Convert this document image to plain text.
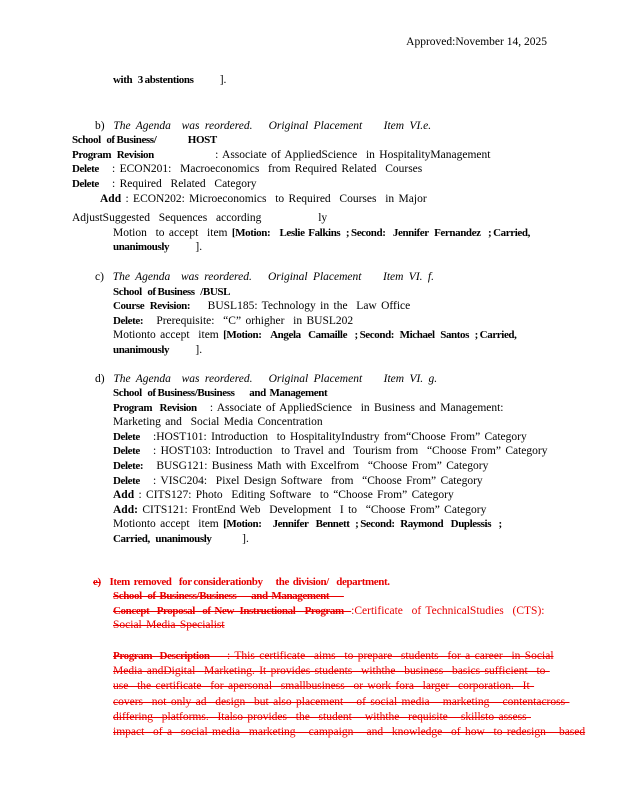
Approved:November 14, 2025
with   3 abstentions      ].
b)  The Agenda  was reordered.   Original Placement    Item VI.e.
School   of Business/                 HOST
Program   Revision              : Associate of AppliedScience  in HospitalityManagement
Delete   : ECON201:  Macroeconomics  from Required Related  Courses
Delete   : Required  Related  Category
Add : ECON202: Microeconomics  to Required  Courses  in Major
AdjustSuggested  Sequences  according             ly
Motion  to accept  item [Motion:     Leslie  Falkins   ; Second:    Jennifer   Fernandez    ; Carried,
unanimously      ].
c)  The Agenda  was reordered.   Original Placement    Item VI. f.
School   of Business   /BUSL
Course   Revision:    BUSL185: Technology in the  Law Office
Delete:   Prerequisite:  “C” orhigher  in BUSL202
Motionto accept  item [Motion:     Angela    Camaille    ; Second:   Michael   Santos   ; Carried,
unanimously      ].
d)  The Agenda  was reordered.   Original Placement    Item VI. g.
School   of Business/Business        and  Management
Program    Revision   : Associate of AppliedScience  in Business and Management:
Marketing and  Social Media Concentration
Delete   :HOST101: Introduction  to HospitalityIndustry from“Choose From” Category
Delete   : HOST103: Introduction  to Travel and  Tourism from  “Choose From” Category
Delete:   BUSG121: Business Math with Excelfrom  “Choose From” Category
Delete   : VISC204:  Pixel Design Software  from  “Choose From” Category
Add : CITS127: Photo  Editing Software  to “Choose From” Category
Add: CITS121: FrontEnd Web  Development  I to  “Choose From” Category
Motionto accept  item [Motion:      Jennifer    Bennett   ; Second:   Raymond    Duplessis    ;
Carried,   unanimously       ].
e) Item  removed    for considerationby       the  division/    department.
School   of  Business/Business        and  Management
Concept    Proposal    of  New   Instructional     Program    :Certificate  of TechnicalStudies  (CTS):
Social Media Specialist
Program    Description    : This certificate  aims  to prepare  students  for a career  in Social
Media andDigital  Marketing. It provides students  withthe  business  basics sufficient  to
use  the certificate  for apersonal  smallbusiness  or work fora  larger  corporation.  It
covers  not only ad  design  but also placement   of social media   marketing   contentacross
differing  platforms.  Italso provides  the  student   withthe  requisite   skillsto assess
impact  of a  social media  marketing   campaign   and  knowledge  of how  to redesign   based
